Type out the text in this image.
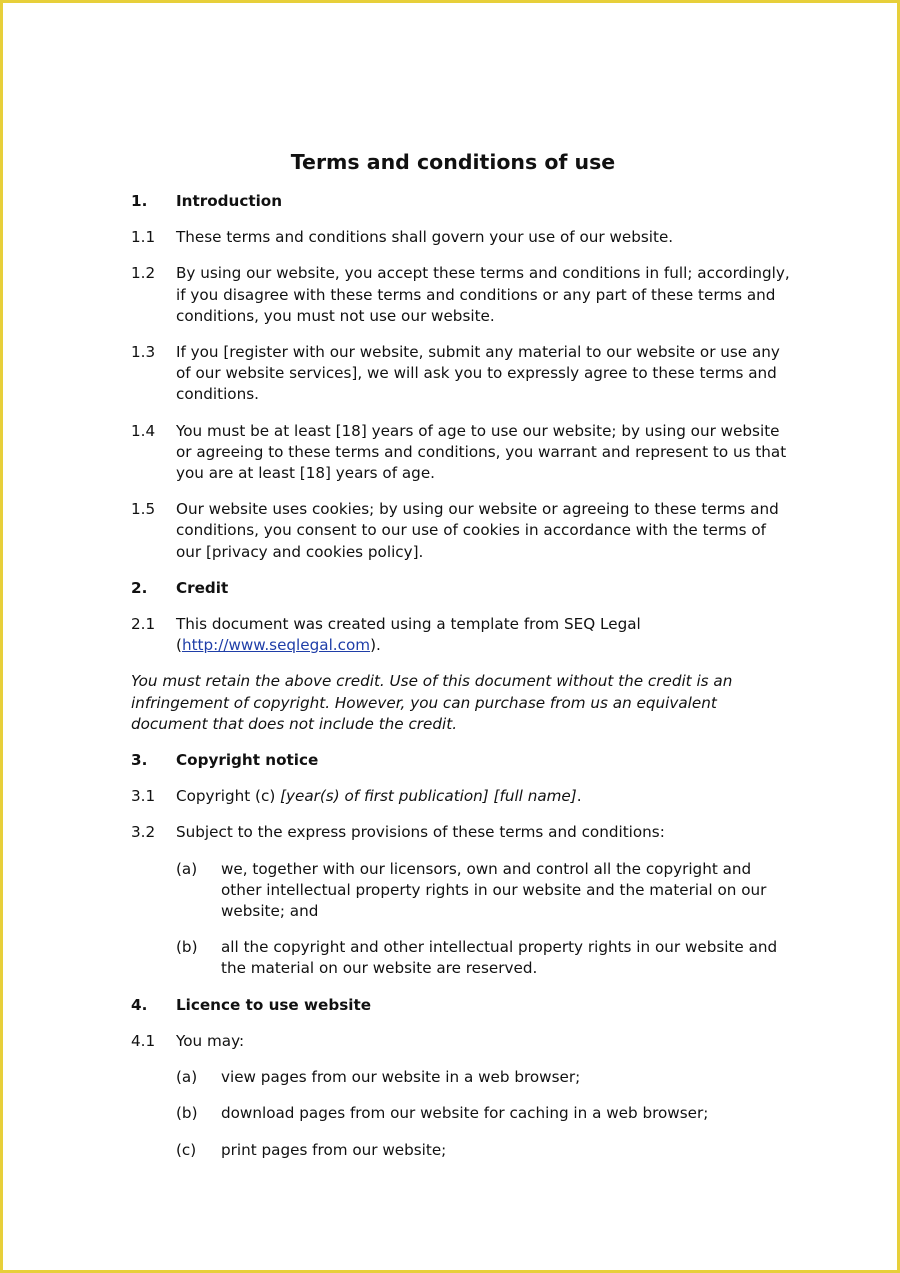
Terms and conditions of use
1.	Introduction
1.1	These terms and conditions shall govern your use of our website.
1.2	By using our website, you accept these terms and conditions in full; accordingly, if you disagree with these terms and conditions or any part of these terms and conditions, you must not use our website.
1.3	If you [register with our website, submit any material to our website or use any of our website services], we will ask you to expressly agree to these terms and conditions.
1.4	You must be at least [18] years of age to use our website; by using our website or agreeing to these terms and conditions, you warrant and represent to us that you are at least [18] years of age.
1.5	Our website uses cookies; by using our website or agreeing to these terms and conditions, you consent to our use of cookies in accordance with the terms of our [privacy and cookies policy].
2.	Credit
2.1	This document was created using a template from SEQ Legal (http://www.seqlegal.com).
You must retain the above credit. Use of this document without the credit is an infringement of copyright. However, you can purchase from us an equivalent document that does not include the credit.
3.	Copyright notice
3.1	Copyright (c) [year(s) of first publication] [full name].
3.2	Subject to the express provisions of these terms and conditions:
(a)	we, together with our licensors, own and control all the copyright and other intellectual property rights in our website and the material on our website; and
(b)	all the copyright and other intellectual property rights in our website and the material on our website are reserved.
4.	Licence to use website
4.1	You may:
(a)	view pages from our website in a web browser;
(b)	download pages from our website for caching in a web browser;
(c)	print pages from our website;
